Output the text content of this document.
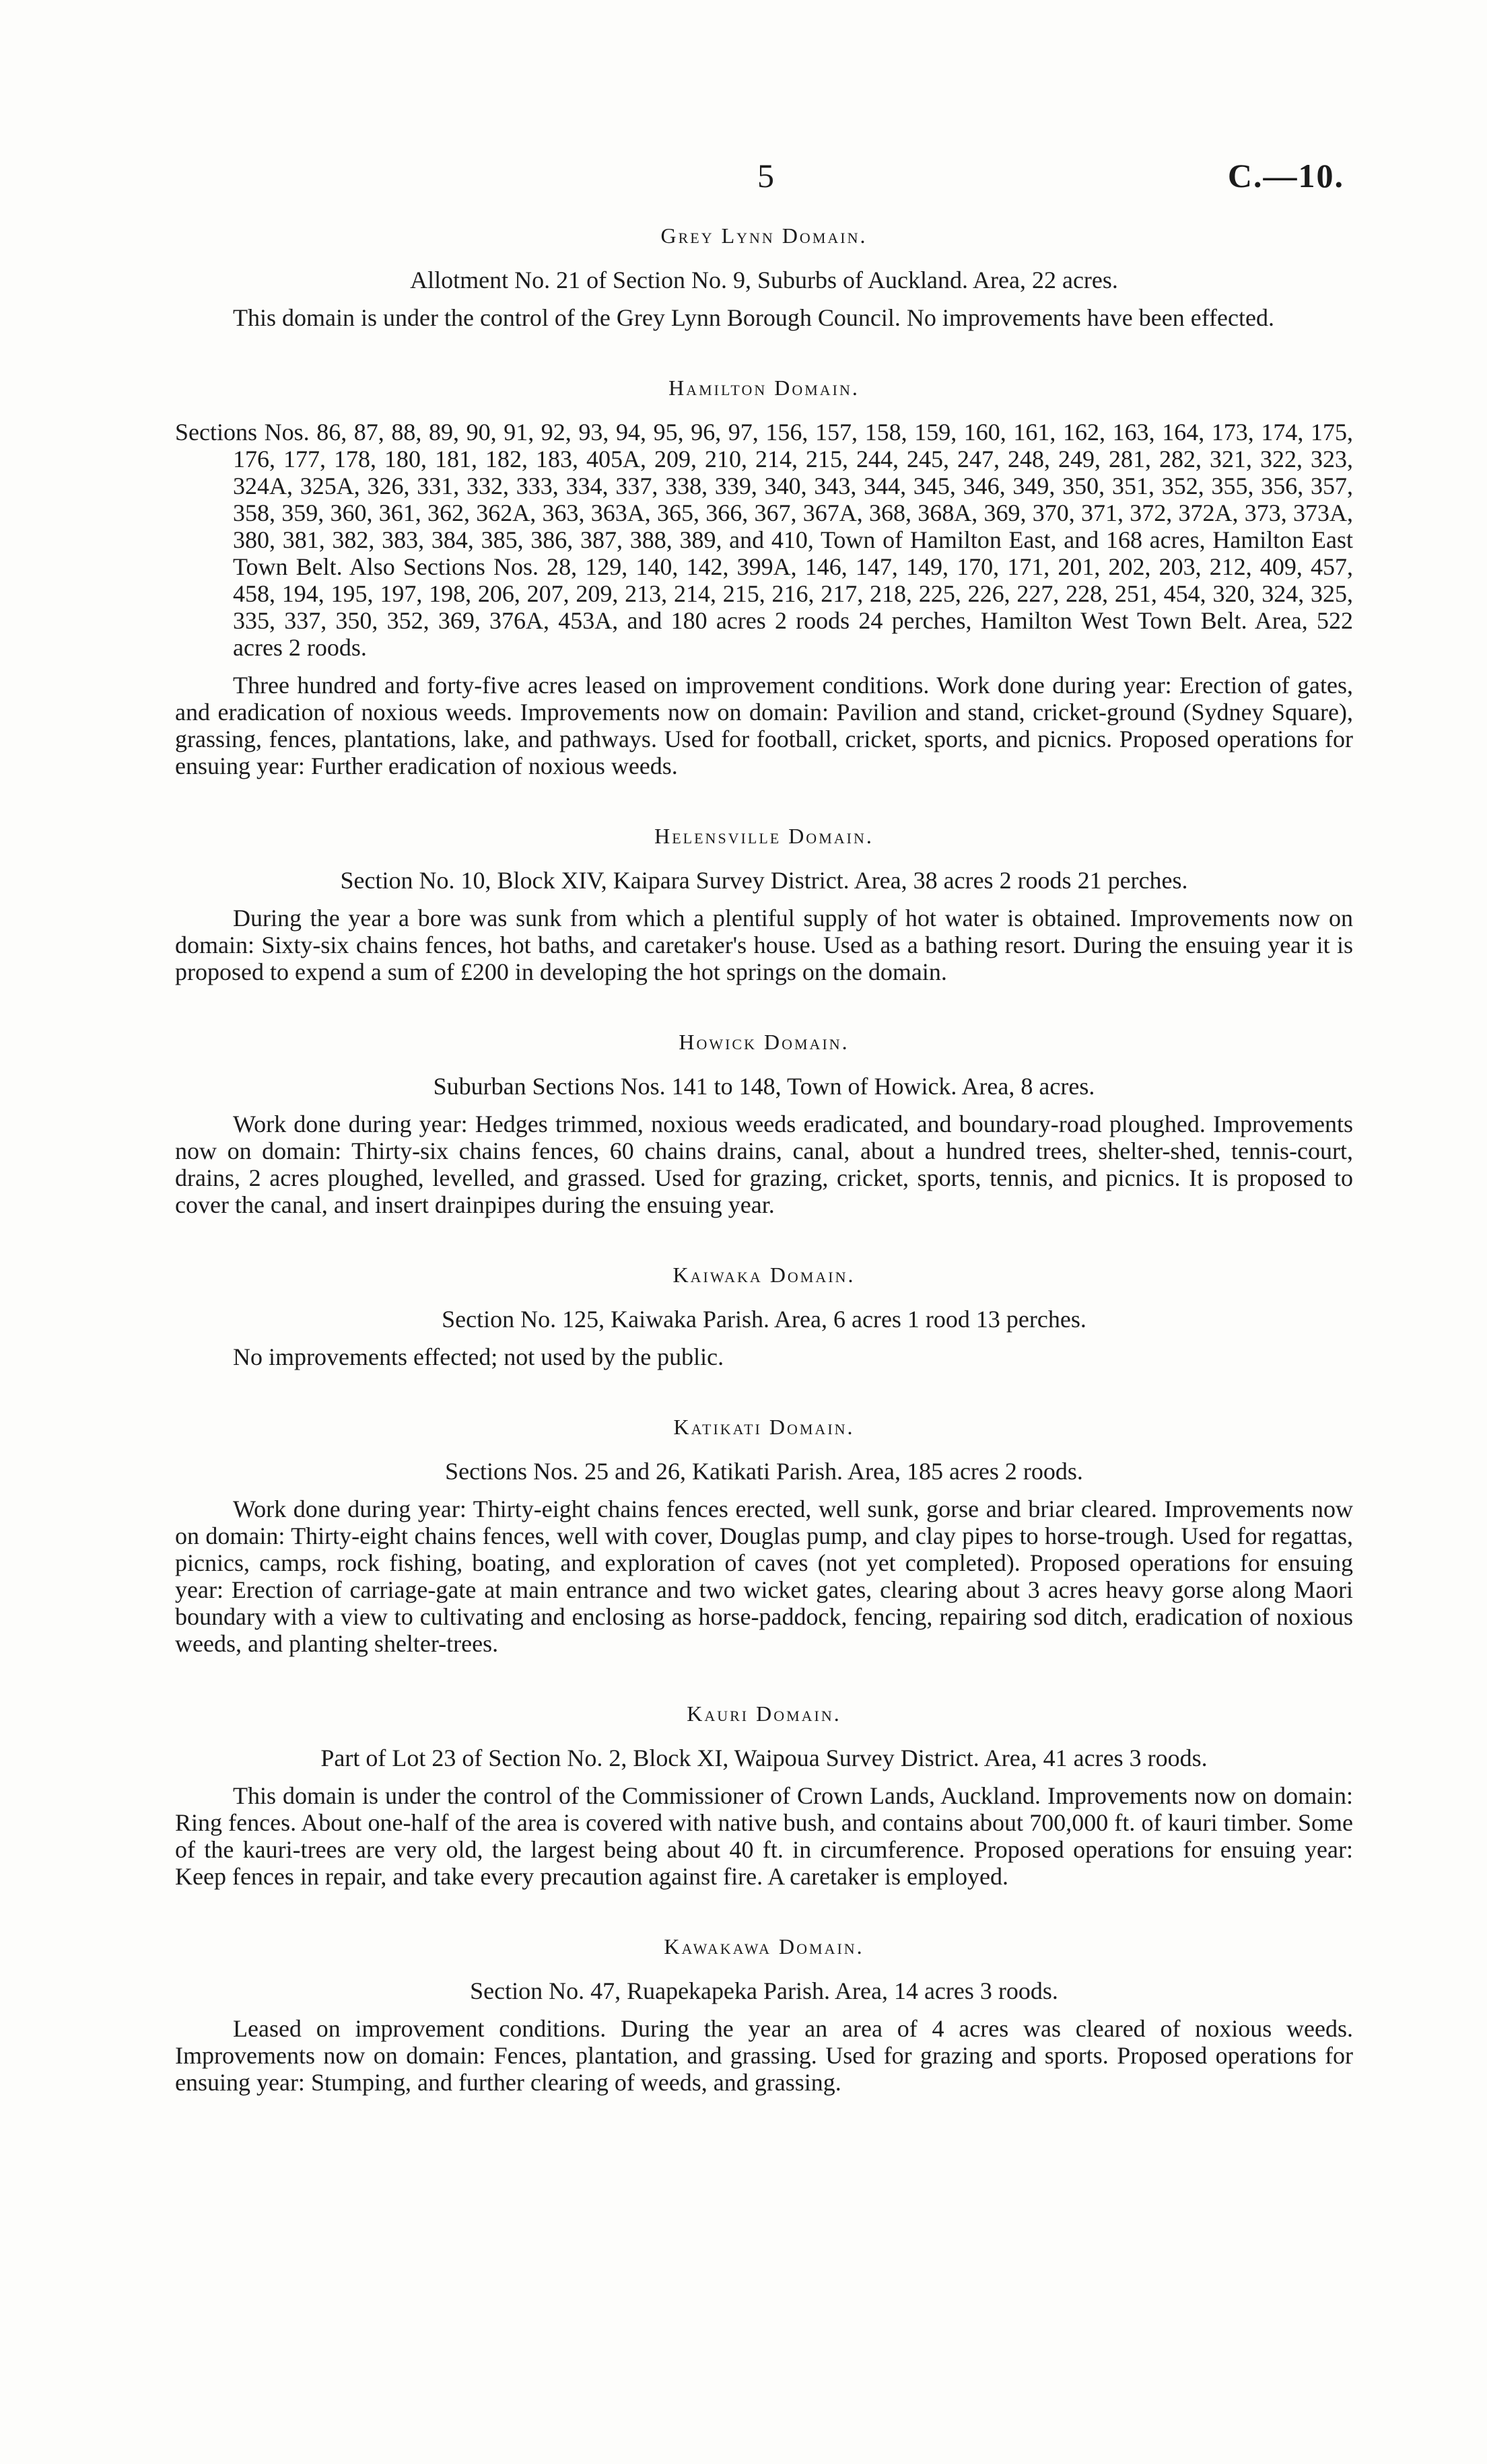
5	C.—10.
Grey Lynn Domain.
Allotment No. 21 of Section No. 9, Suburbs of Auckland. Area, 22 acres.
This domain is under the control of the Grey Lynn Borough Council. No improvements have been effected.
Hamilton Domain.
Sections Nos. 86, 87, 88, 89, 90, 91, 92, 93, 94, 95, 96, 97, 156, 157, 158, 159, 160, 161, 162, 163, 164, 173, 174, 175, 176, 177, 178, 180, 181, 182, 183, 405A, 209, 210, 214, 215, 244, 245, 247, 248, 249, 281, 282, 321, 322, 323, 324A, 325A, 326, 331, 332, 333, 334, 337, 338, 339, 340, 343, 344, 345, 346, 349, 350, 351, 352, 355, 356, 357, 358, 359, 360, 361, 362, 362A, 363, 363A, 365, 366, 367, 367A, 368, 368A, 369, 370, 371, 372, 372A, 373, 373A, 380, 381, 382, 383, 384, 385, 386, 387, 388, 389, and 410, Town of Hamilton East, and 168 acres, Hamilton East Town Belt. Also Sections Nos. 28, 129, 140, 142, 399A, 146, 147, 149, 170, 171, 201, 202, 203, 212, 409, 457, 458, 194, 195, 197, 198, 206, 207, 209, 213, 214, 215, 216, 217, 218, 225, 226, 227, 228, 251, 454, 320, 324, 325, 335, 337, 350, 352, 369, 376A, 453A, and 180 acres 2 roods 24 perches, Hamilton West Town Belt. Area, 522 acres 2 roods.
Three hundred and forty-five acres leased on improvement conditions. Work done during year: Erection of gates, and eradication of noxious weeds. Improvements now on domain: Pavilion and stand, cricket-ground (Sydney Square), grassing, fences, plantations, lake, and pathways. Used for football, cricket, sports, and picnics. Proposed operations for ensuing year: Further eradication of noxious weeds.
Helensville Domain.
Section No. 10, Block XIV, Kaipara Survey District. Area, 38 acres 2 roods 21 perches.
During the year a bore was sunk from which a plentiful supply of hot water is obtained. Improvements now on domain: Sixty-six chains fences, hot baths, and caretaker's house. Used as a bathing resort. During the ensuing year it is proposed to expend a sum of £200 in developing the hot springs on the domain.
Howick Domain.
Suburban Sections Nos. 141 to 148, Town of Howick. Area, 8 acres.
Work done during year: Hedges trimmed, noxious weeds eradicated, and boundary-road ploughed. Improvements now on domain: Thirty-six chains fences, 60 chains drains, canal, about a hundred trees, shelter-shed, tennis-court, drains, 2 acres ploughed, levelled, and grassed. Used for grazing, cricket, sports, tennis, and picnics. It is proposed to cover the canal, and insert drainpipes during the ensuing year.
Kaiwaka Domain.
Section No. 125, Kaiwaka Parish. Area, 6 acres 1 rood 13 perches.
No improvements effected; not used by the public.
Katikati Domain.
Sections Nos. 25 and 26, Katikati Parish. Area, 185 acres 2 roods.
Work done during year: Thirty-eight chains fences erected, well sunk, gorse and briar cleared. Improvements now on domain: Thirty-eight chains fences, well with cover, Douglas pump, and clay pipes to horse-trough. Used for regattas, picnics, camps, rock fishing, boating, and exploration of caves (not yet completed). Proposed operations for ensuing year: Erection of carriage-gate at main entrance and two wicket gates, clearing about 3 acres heavy gorse along Maori boundary with a view to cultivating and enclosing as horse-paddock, fencing, repairing sod ditch, eradication of noxious weeds, and planting shelter-trees.
Kauri Domain.
Part of Lot 23 of Section No. 2, Block XI, Waipoua Survey District. Area, 41 acres 3 roods.
This domain is under the control of the Commissioner of Crown Lands, Auckland. Improvements now on domain: Ring fences. About one-half of the area is covered with native bush, and contains about 700,000 ft. of kauri timber. Some of the kauri-trees are very old, the largest being about 40 ft. in circumference. Proposed operations for ensuing year: Keep fences in repair, and take every precaution against fire. A caretaker is employed.
Kawakawa Domain.
Section No. 47, Ruapekapeka Parish. Area, 14 acres 3 roods.
Leased on improvement conditions. During the year an area of 4 acres was cleared of noxious weeds. Improvements now on domain: Fences, plantation, and grassing. Used for grazing and sports. Proposed operations for ensuing year: Stumping, and further clearing of weeds, and grassing.
